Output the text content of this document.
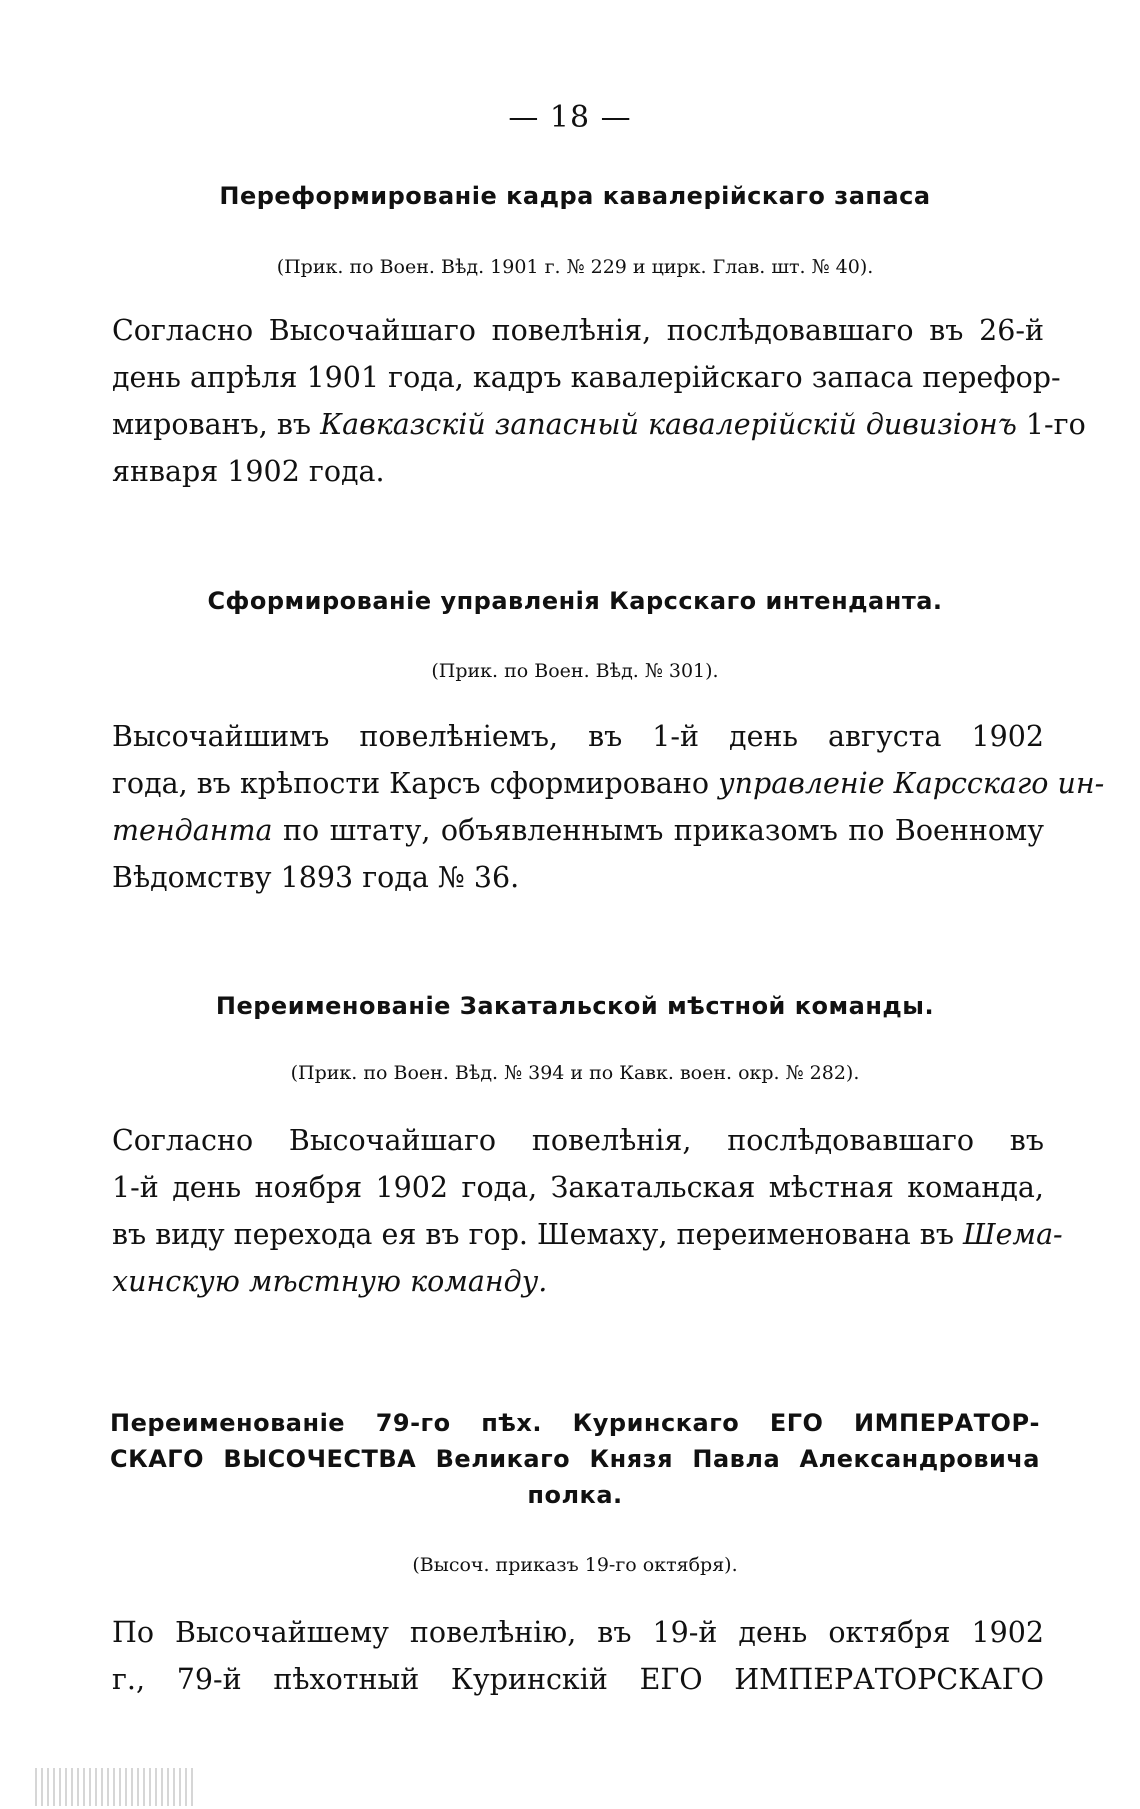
— 18 —
Переформированіе кадра кавалерійскаго запаса
(Прик. по Воен. Вѣд. 1901 г. № 229 и цирк. Глав. шт. № 40).
Согласно Высочайшаго повелѣнія, послѣдовавшаго въ 26-й
день апрѣля 1901 года, кадръ кавалерійскаго запаса перефор-
мированъ, въ Кавказскій запасный кавалерійскій дивизіонъ 1-го
января 1902 года.
Сформированіе управленія Карсскаго интенданта.
(Прик. по Воен. Вѣд. № 301).
Высочайшимъ повелѣніемъ, въ 1-й день августа 1902
года, въ крѣпости Карсъ сформировано управленіе Карсскаго ин-
тенданта по штату, объявленнымъ приказомъ по Военному
Вѣдомству 1893 года № 36.
Переименованіе Закатальской мѣстной команды.
(Прик. по Воен. Вѣд. № 394 и по Кавк. воен. окр. № 282).
Согласно Высочайшаго повелѣнія, послѣдовавшаго въ
1-й день ноября 1902 года, Закатальская мѣстная команда,
въ виду перехода ея въ гор. Шемаху, переименована въ Шема-
хинскую мѣстную команду.
Переименованіе 79-го пѣх. Куринскаго ЕГО ИМПЕРАТОР-
СКАГО ВЫСОЧЕСТВА Великаго Князя Павла Александровича
полка.
(Высоч. приказъ 19-го октября).
По Высочайшему повелѣнію, въ 19-й день октября 1902
г., 79-й пѣхотный Куринскій ЕГО ИМПЕРАТОРСКАГО
